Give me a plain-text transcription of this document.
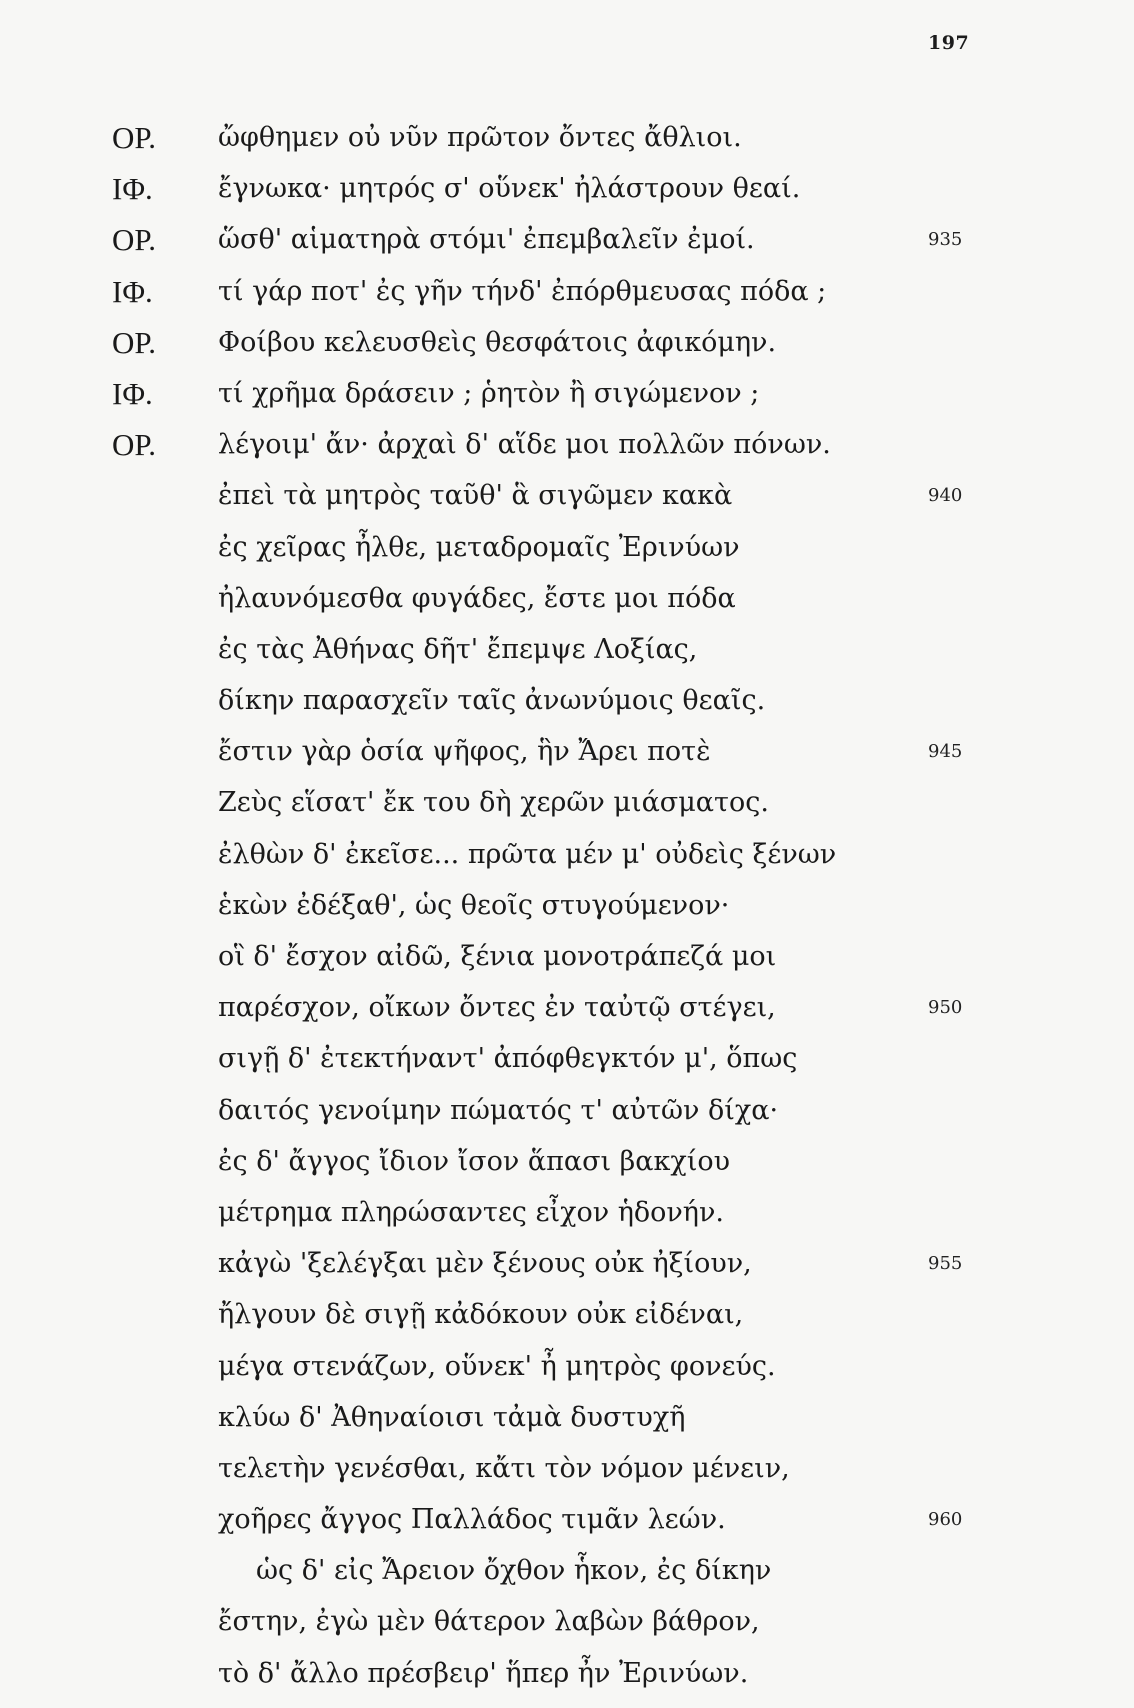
197
ΟΡ. ὤφθημεν οὐ νῦν πρῶτον ὄντες ἄθλιοι.
ΙΦ. ἔγνωκα· μητρός σ' οὕνεκ' ἠλάστρουν θεαί.
ΟΡ. ὥσθ' αἱματηρὰ στόμι' ἐπεμβαλεῖν ἐμοί.	935
ΙΦ. τί γάρ ποτ' ἐς γῆν τήνδ' ἐπόρθμευσας πόδα ;
ΟΡ. Φοίβου κελευσθεὶς θεσφάτοις ἀφικόμην.
ΙΦ. τί χρῆμα δράσειν ; ῥητὸν ἢ σιγώμενον ;
ΟΡ. λέγοιμ' ἄν· ἀρχαὶ δ' αἵδε μοι πολλῶν πόνων.
ἐπεὶ τὰ μητρὸς ταῦθ' ἃ σιγῶμεν κακὰ	940
ἐς χεῖρας ἦλθε, μεταδρομαῖς Ἐρινύων
ἠλαυνόμεσθα φυγάδες, ἔστε μοι πόδα
ἐς τὰς Ἀθήνας δῆτ' ἔπεμψε Λοξίας,
δίκην παρασχεῖν ταῖς ἀνωνύμοις θεαῖς.
ἔστιν γὰρ ὁσία ψῆφος, ἣν Ἄρει ποτὲ	945
Ζεὺς εἵσατ' ἔκ του δὴ χερῶν μιάσματος.
ἐλθὼν δ' ἐκεῖσε... πρῶτα μέν μ' οὐδεὶς ξένων
ἑκὼν ἐδέξαθ', ὡς θεοῖς στυγούμενον·
οἳ δ' ἔσχον αἰδῶ, ξένια μονοτράπεζά μοι
παρέσχον, οἴκων ὄντες ἐν ταὐτῷ στέγει,	950
σιγῇ δ' ἐτεκτήναντ' ἀπόφθεγκτόν μ', ὅπως
δαιτός γενοίμην πώματός τ' αὐτῶν δίχα·
ἐς δ' ἄγγος ἴδιον ἴσον ἅπασι βακχίου
μέτρημα πληρώσαντες εἶχον ἡδονήν.
κἀγὼ 'ξελέγξαι μὲν ξένους οὐκ ἠξίουν,	955
ἤλγουν δὲ σιγῇ κἀδόκουν οὐκ εἰδέναι,
μέγα στενάζων, οὕνεκ' ἦ μητρὸς φονεύς.
κλύω δ' Ἀθηναίοισι τἀμὰ δυστυχῆ
τελετὴν γενέσθαι, κἄτι τὸν νόμον μένειν,
χοῆρες ἄγγος Παλλάδος τιμᾶν λεών.	960
ὡς δ' εἰς Ἄρειον ὄχθον ἧκον, ἐς δίκην
ἔστην, ἐγὼ μὲν θάτερον λαβὼν βάθρον,
τὸ δ' ἄλλο πρέσβειρ' ἥπερ ἦν Ἐρινύων.
